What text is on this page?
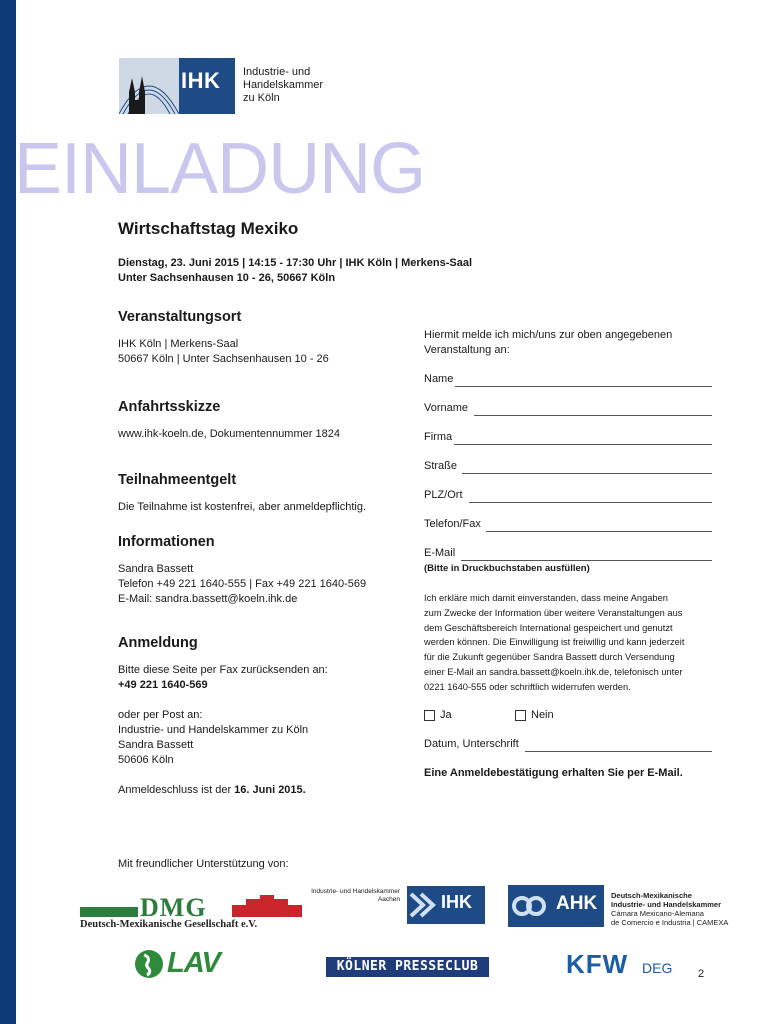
IHK Industrie- und Handelskammer
zu Köln
EINLADUNG
Wirtschaftstag Mexiko
Dienstag, 23. Juni 2015 | 14:15 - 17:30 Uhr | IHK Köln | Merkens-Saal
Unter Sachsenhausen 10 - 26, 50667 Köln
Veranstaltungsort
IHK Köln | Merkens-Saal
50667 Köln | Unter Sachsenhausen 10 - 26
Anfahrtsskizze
www.ihk-koeln.de, Dokumentennummer 1824
Teilnahmeentgelt
Die Teilnahme ist kostenfrei, aber anmeldepflichtig.
Informationen
Sandra Bassett
Telefon +49 221 1640-555 | Fax +49 221 1640-569
E-Mail: sandra.bassett@koeln.ihk.de
Anmeldung
Bitte diese Seite per Fax zurücksenden an:
+49 221 1640-569
oder per Post an:
Industrie- und Handelskammer zu Köln
Sandra Bassett
50606 Köln
Anmeldeschluss ist der 16. Juni 2015.
Hiermit melde ich mich/uns zur oben angegebenen
Veranstaltung an:
Name
Vorname
Firma
Straße
PLZ/Ort
Telefon/Fax
E-Mail
(Bitte in Druckbuchstaben ausfüllen)
Ich erkläre mich damit einverstanden, dass meine Angaben
zum Zwecke der Information über weitere Veranstaltungen aus
dem Geschäftsbereich International gespeichert und genutzt
werden können. Die Einwilligung ist freiwillig und kann jederzeit
für die Zukunft gegenüber Sandra Bassett durch Versendung
einer E-Mail an sandra.bassett@koeln.ihk.de, telefonisch unter
0221 1640-555 oder schriftlich widerrufen werden.
Ja	Nein
Datum, Unterschrift
Eine Anmeldebestätigung erhalten Sie per E-Mail.
Mit freundlicher Unterstützung von:
DMG
Deutsch-Mexikanische Gesellschaft e.V.
Industrie- und Handelskammer
Aachen IHK	AHK Deutsch-Mexikanische
Industrie- und Handelskammer
Cámara Mexicano-Alemana
de Comercio e Industria | CAMEXA
LAV	KÖLNER PRESSECLUB	KFW DEG 2
